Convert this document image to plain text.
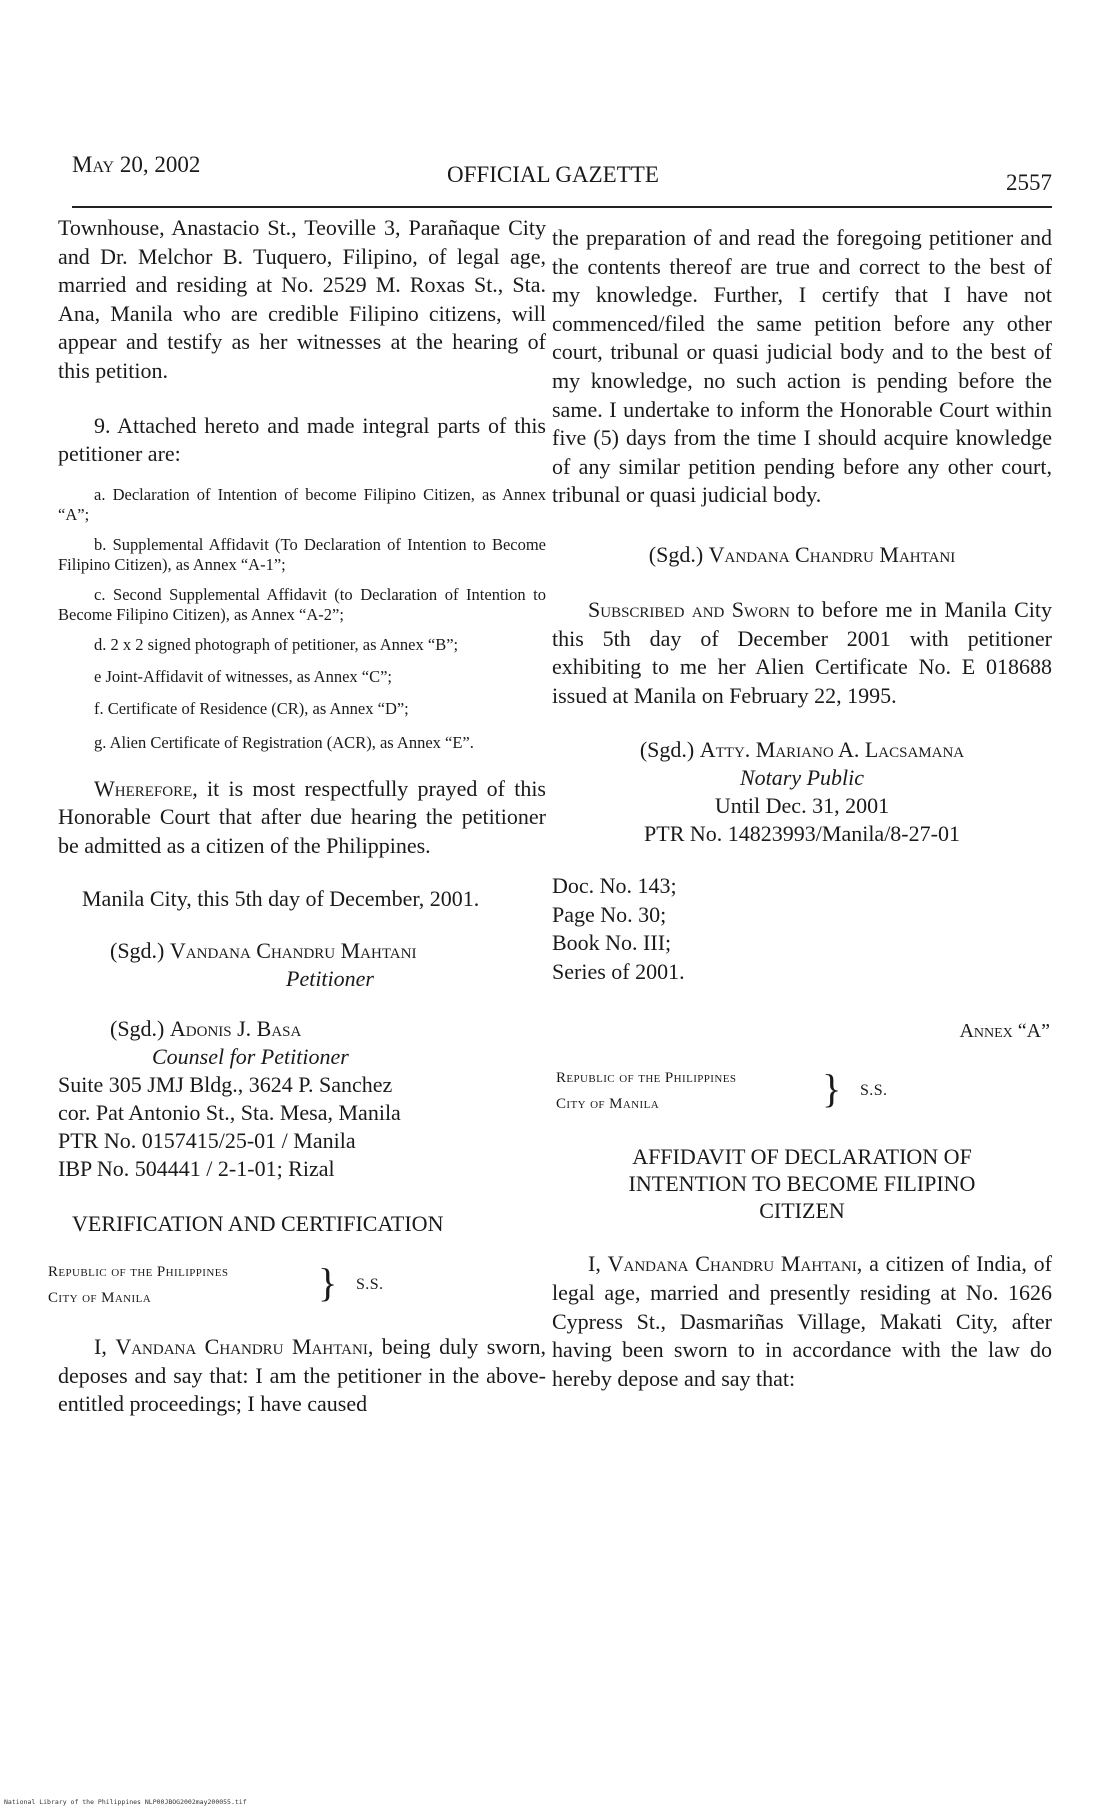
May 20, 2002	OFFICIAL GAZETTE	2557

Townhouse, Anastacio St., Teoville 3, Parañaque City and Dr. Melchor B. Tuquero, Filipino, of legal age, married and residing at No. 2529 M. Roxas St., Sta. Ana, Manila who are credible Filipino citizens, will appear and testify as her witnesses at the hearing of this petition.

9. Attached hereto and made integral parts of this petitioner are:

a. Declaration of Intention of become Filipino Citizen, as Annex “A”;

b. Supplemental Affidavit (To Declaration of Intention to Become Filipino Citizen), as Annex “A-1”;

c. Second Supplemental Affidavit (to Declaration of Intention to Become Filipino Citizen), as Annex “A-2”;

d. 2 x 2 signed photograph of petitioner, as Annex “B”;

e Joint-Affidavit of witnesses, as Annex “C”;

f. Certificate of Residence (CR), as Annex “D”;

g. Alien Certificate of Registration (ACR), as Annex “E”.

Wherefore, it is most respectfully prayed of this Honorable Court that after due hearing the petitioner be admitted as a citizen of the Philippines.

Manila City, this 5th day of December, 2001.

(Sgd.) Vandana Chandru Mahtani

Petitioner

(Sgd.) Adonis J. Basa

Counsel for Petitioner

Suite 305 JMJ Bldg., 3624 P. Sanchez

cor. Pat Antonio St., Sta. Mesa, Manila

PTR No. 0157415/25-01 / Manila

IBP No. 504441 / 2-1-01; Rizal

VERIFICATION AND CERTIFICATION

Republic of the Philippines
City of Manila	} S.S.

I, Vandana Chandru Mahtani, being duly sworn, deposes and say that: I am the petitioner in the above-entitled proceedings; I have caused

the preparation of and read the foregoing petitioner and the contents thereof are true and correct to the best of my knowledge. Further, I certify that I have not commenced/filed the same petition before any other court, tribunal or quasi judicial body and to the best of my knowledge, no such action is pending before the same. I undertake to inform the Honorable Court within five (5) days from the time I should acquire knowledge of any similar petition pending before any other court, tribunal or quasi judicial body.

(Sgd.) Vandana Chandru Mahtani

Subscribed and Sworn to before me in Manila City this 5th day of December 2001 with petitioner exhibiting to me her Alien Certificate No. E 018688 issued at Manila on February 22, 1995.

(Sgd.) Atty. Mariano A. Lacsamana

Notary Public

Until Dec. 31, 2001

PTR No. 14823993/Manila/8-27-01

Doc. No. 143;

Page No. 30;

Book No. III;

Series of 2001.

Annex “A”

Republic of the Philippines
City of Manila	} S.S.

AFFIDAVIT OF DECLARATION OF

INTENTION TO BECOME FILIPINO

CITIZEN

I, Vandana Chandru Mahtani, a citizen of India, of legal age, married and presently residing at No. 1626 Cypress St., Dasmariñas Village, Makati City, after having been sworn to in accordance with the law do hereby depose and say that:

National Library of the Philippines NLP00JBOG2002may200055.tif
